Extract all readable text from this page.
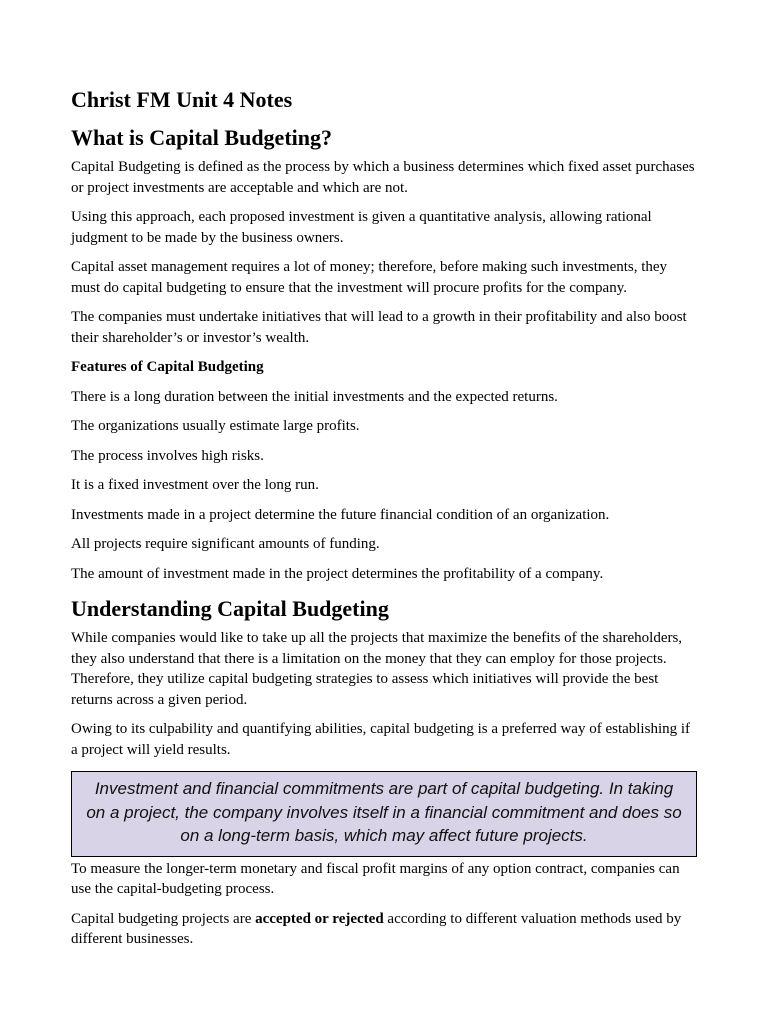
Christ FM Unit 4 Notes
What is Capital Budgeting?

Capital Budgeting is defined as the process by which a business determines which fixed asset purchases or project investments are acceptable and which are not.

Using this approach, each proposed investment is given a quantitative analysis, allowing rational judgment to be made by the business owners.

Capital asset management requires a lot of money; therefore, before making such investments, they must do capital budgeting to ensure that the investment will procure profits for the company.

The companies must undertake initiatives that will lead to a growth in their profitability and also boost their shareholder’s or investor’s wealth.

Features of Capital Budgeting

There is a long duration between the initial investments and the expected returns.

The organizations usually estimate large profits.

The process involves high risks.

It is a fixed investment over the long run.

Investments made in a project determine the future financial condition of an organization.

All projects require significant amounts of funding.

The amount of investment made in the project determines the profitability of a company.

Understanding Capital Budgeting

While companies would like to take up all the projects that maximize the benefits of the shareholders, they also understand that there is a limitation on the money that they can employ for those projects. Therefore, they utilize capital budgeting strategies to assess which initiatives will provide the best returns across a given period.

Owing to its culpability and quantifying abilities, capital budgeting is a preferred way of establishing if a project will yield results.

Investment and financial commitments are part of capital budgeting. In taking on a project, the company involves itself in a financial commitment and does so on a long-term basis, which may affect future projects.

To measure the longer-term monetary and fiscal profit margins of any option contract, companies can use the capital-budgeting process.

Capital budgeting projects are accepted or rejected according to different valuation methods used by different businesses.
